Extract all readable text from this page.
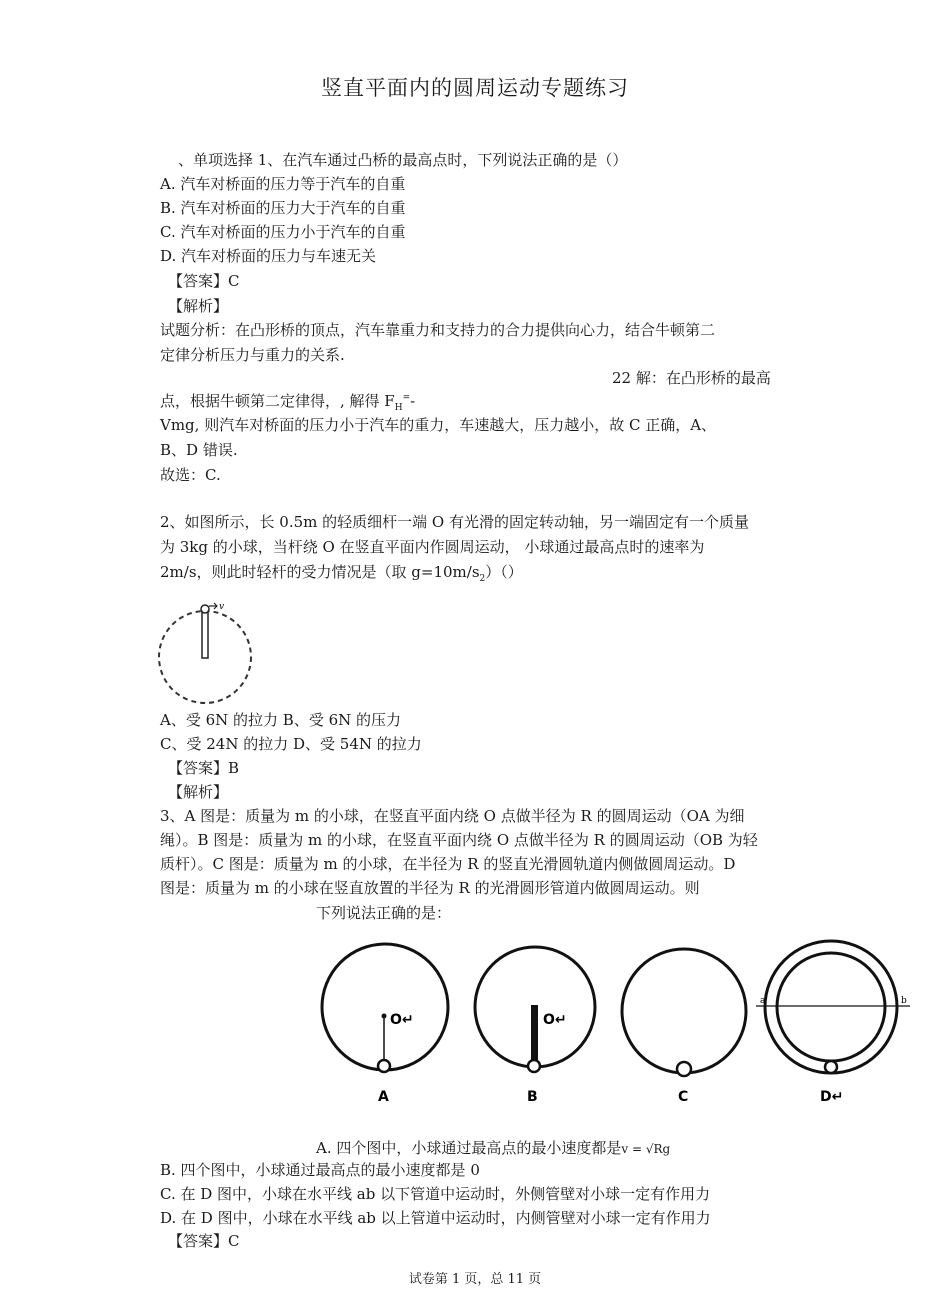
竖直平面内的圆周运动专题练习
、单项选择 1、在汽车通过凸桥的最高点时，下列说法正确的是（）
A. 汽车对桥面的压力等于汽车的自重
B. 汽车对桥面的压力大于汽车的自重
C. 汽车对桥面的压力小于汽车的自重
D. 汽车对桥面的压力与车速无关
【答案】C
【解析】
试题分析：在凸形桥的顶点，汽车靠重力和支持力的合力提供向心力，结合牛顿第二
定律分析压力与重力的关系.
22 解：在凸形桥的最高
点，根据牛顿第二定律得，, 解得 $F_H^=-$
Vmg, 则汽车对桥面的压力小于汽车的重力，车速越大，压力越小，故 C 正确，A、
B、D 错误.
故选：C.
2、如图所示，长 0.5m 的轻质细杆一端 O 有光滑的固定转动轴，另一端固定有一个质量
为 3kg 的小球，当杆绕 O 在竖直平面内作圆周运动， 小球通过最高点时的速率为
2m/s，则此时轻杆的受力情况是（取 $g=10m/s_2)()$
v
A、受 6N 的拉力 B、受 6N 的压力
C、受 24N 的拉力 D、受 54N 的拉力
【答案】B
【解析】
3、A 图是：质量为 m 的小球，在竖直平面内绕 O 点做半径为 R 的圆周运动（OA 为细
绳）。B 图是：质量为 m 的小球，在竖直平面内绕 O 点做半径为 R 的圆周运动（OB 为轻
质杆）。C 图是：质量为 m 的小球，在半径为 R 的竖直光滑圆轨道内侧做圆周运动。D
图是：质量为 m 的小球在竖直放置的半径为 R 的光滑圆形管道内做圆周运动。则
下列说法正确的是：
O↵
A
O↵
B	C
a	b
D↵
A. 四个图中，小球通过最高点的最小速度都是v = √Rg
B. 四个图中，小球通过最高点的最小速度都是 0
C. 在 D 图中，小球在水平线 ab 以下管道中运动时，外侧管壁对小球一定有作用力
D. 在 D 图中，小球在水平线 ab 以上管道中运动时，内侧管壁对小球一定有作用力
【答案】C
试卷第 1 页，总 11 页
